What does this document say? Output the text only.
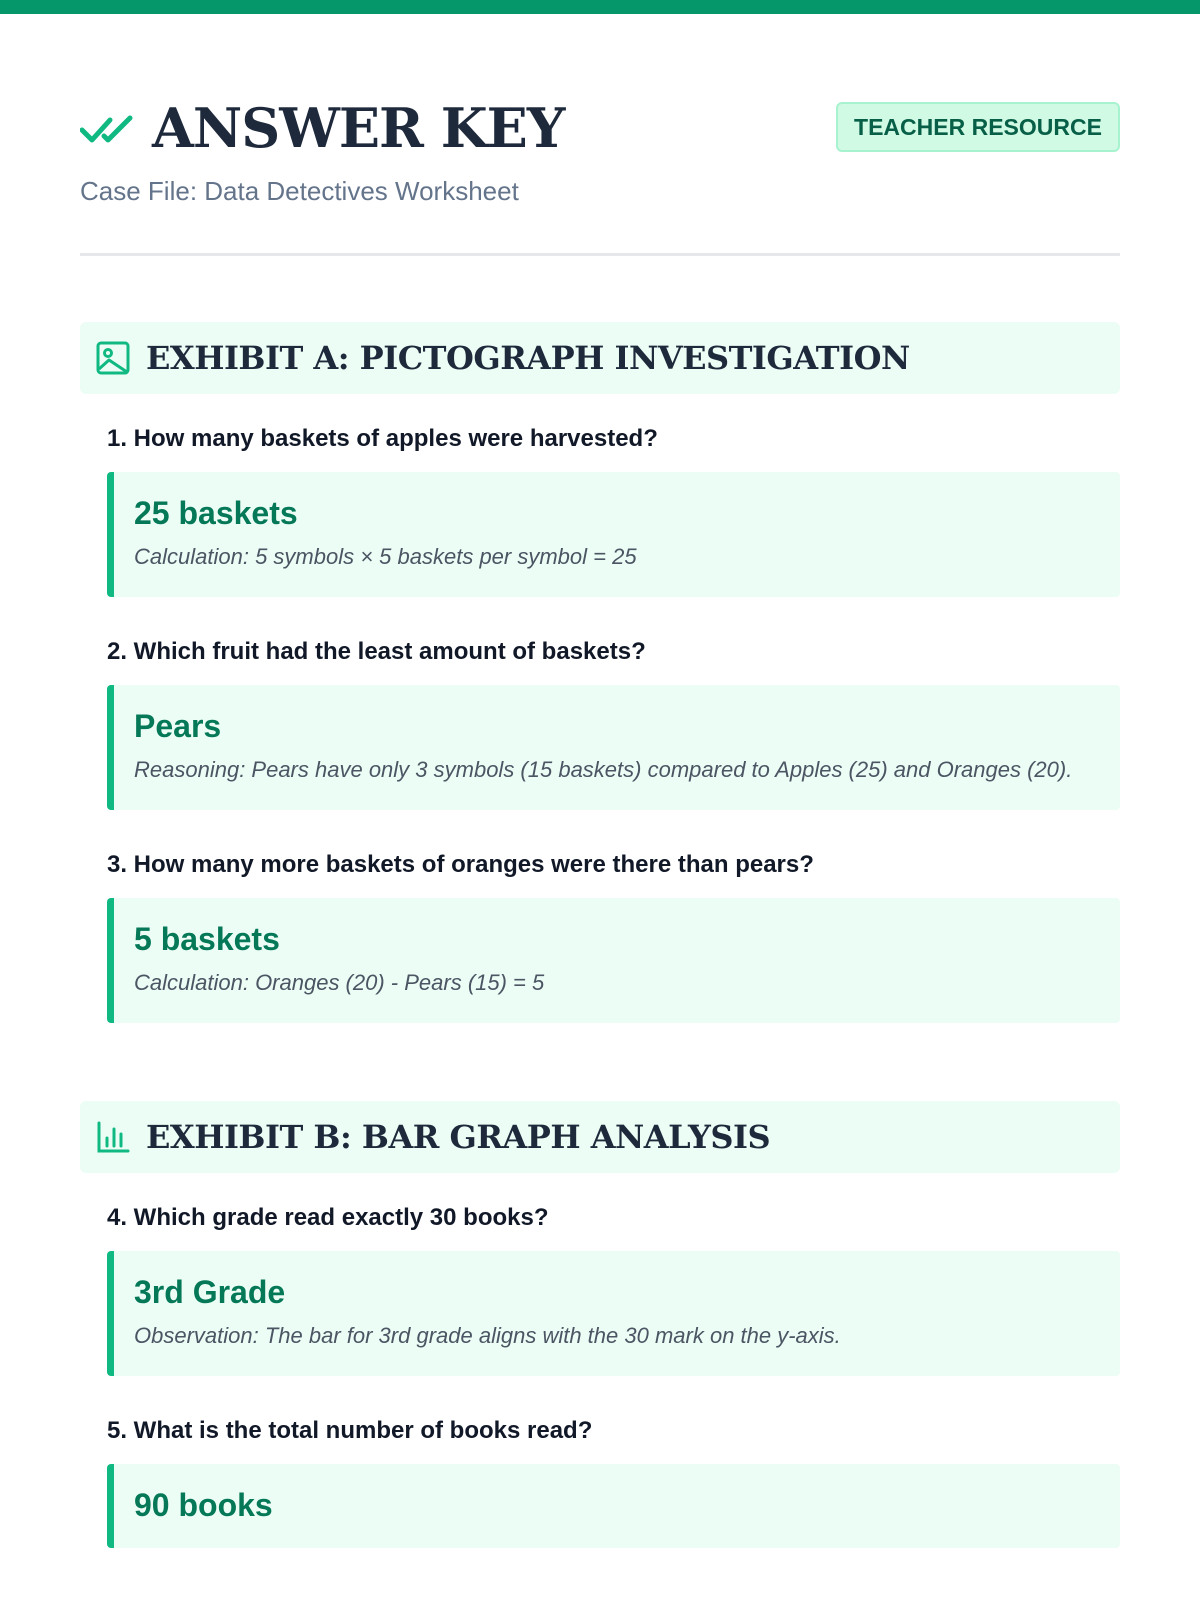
ANSWER KEY
Case File: Data Detectives Worksheet
TEACHER RESOURCE
EXHIBIT A: PICTOGRAPH INVESTIGATION
1. How many baskets of apples were harvested?
25 baskets
Calculation: 5 symbols × 5 baskets per symbol = 25
2. Which fruit had the least amount of baskets?
Pears
Reasoning: Pears have only 3 symbols (15 baskets) compared to Apples (25) and Oranges (20).
3. How many more baskets of oranges were there than pears?
5 baskets
Calculation: Oranges (20) - Pears (15) = 5
EXHIBIT B: BAR GRAPH ANALYSIS
4. Which grade read exactly 30 books?
3rd Grade
Observation: The bar for 3rd grade aligns with the 30 mark on the y-axis.
5. What is the total number of books read?
90 books
